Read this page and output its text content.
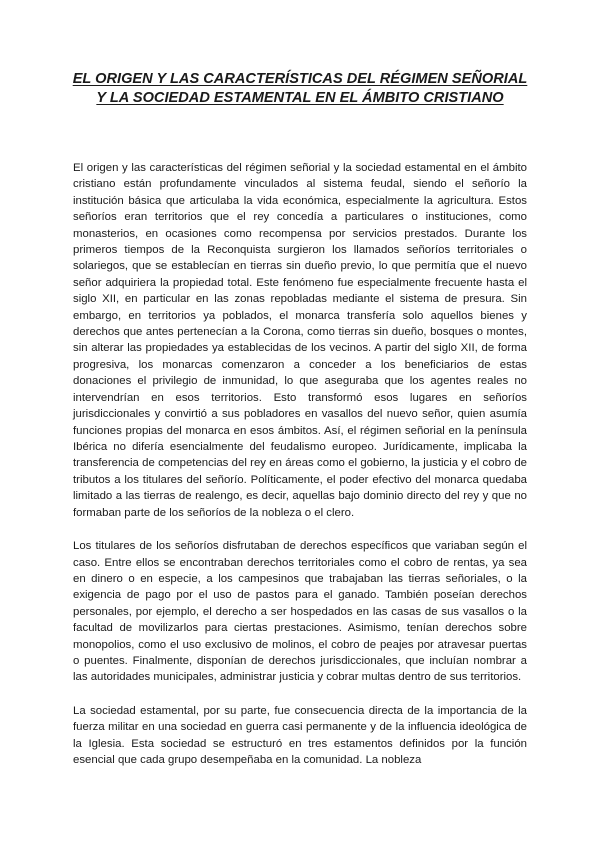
EL ORIGEN Y LAS CARACTERÍSTICAS DEL RÉGIMEN SEÑORIAL Y LA SOCIEDAD ESTAMENTAL EN EL ÁMBITO CRISTIANO

El origen y las características del régimen señorial y la sociedad estamental en el ámbito cristiano están profundamente vinculados al sistema feudal, siendo el señorío la institución básica que articulaba la vida económica, especialmente la agricultura. Estos señoríos eran territorios que el rey concedía a particulares o instituciones, como monasterios, en ocasiones como recompensa por servicios prestados. Durante los primeros tiempos de la Reconquista surgieron los llamados señoríos territoriales o solariegos, que se establecían en tierras sin dueño previo, lo que permitía que el nuevo señor adquiriera la propiedad total. Este fenómeno fue especialmente frecuente hasta el siglo XII, en particular en las zonas repobladas mediante el sistema de presura. Sin embargo, en territorios ya poblados, el monarca transfería solo aquellos bienes y derechos que antes pertenecían a la Corona, como tierras sin dueño, bosques o montes, sin alterar las propiedades ya establecidas de los vecinos. A partir del siglo XII, de forma progresiva, los monarcas comenzaron a conceder a los beneficiarios de estas donaciones el privilegio de inmunidad, lo que aseguraba que los agentes reales no intervendrían en esos territorios. Esto transformó esos lugares en señoríos jurisdiccionales y convirtió a sus pobladores en vasallos del nuevo señor, quien asumía funciones propias del monarca en esos ámbitos. Así, el régimen señorial en la península Ibérica no difería esencialmente del feudalismo europeo. Jurídicamente, implicaba la transferencia de competencias del rey en áreas como el gobierno, la justicia y el cobro de tributos a los titulares del señorío. Políticamente, el poder efectivo del monarca quedaba limitado a las tierras de realengo, es decir, aquellas bajo dominio directo del rey y que no formaban parte de los señoríos de la nobleza o el clero.

Los titulares de los señoríos disfrutaban de derechos específicos que variaban según el caso. Entre ellos se encontraban derechos territoriales como el cobro de rentas, ya sea en dinero o en especie, a los campesinos que trabajaban las tierras señoriales, o la exigencia de pago por el uso de pastos para el ganado. También poseían derechos personales, por ejemplo, el derecho a ser hospedados en las casas de sus vasallos o la facultad de movilizarlos para ciertas prestaciones. Asimismo, tenían derechos sobre monopolios, como el uso exclusivo de molinos, el cobro de peajes por atravesar puertas o puentes. Finalmente, disponían de derechos jurisdiccionales, que incluían nombrar a las autoridades municipales, administrar justicia y cobrar multas dentro de sus territorios.

La sociedad estamental, por su parte, fue consecuencia directa de la importancia de la fuerza militar en una sociedad en guerra casi permanente y de la influencia ideológica de la Iglesia. Esta sociedad se estructuró en tres estamentos definidos por la función esencial que cada grupo desempeñaba en la comunidad. La nobleza
